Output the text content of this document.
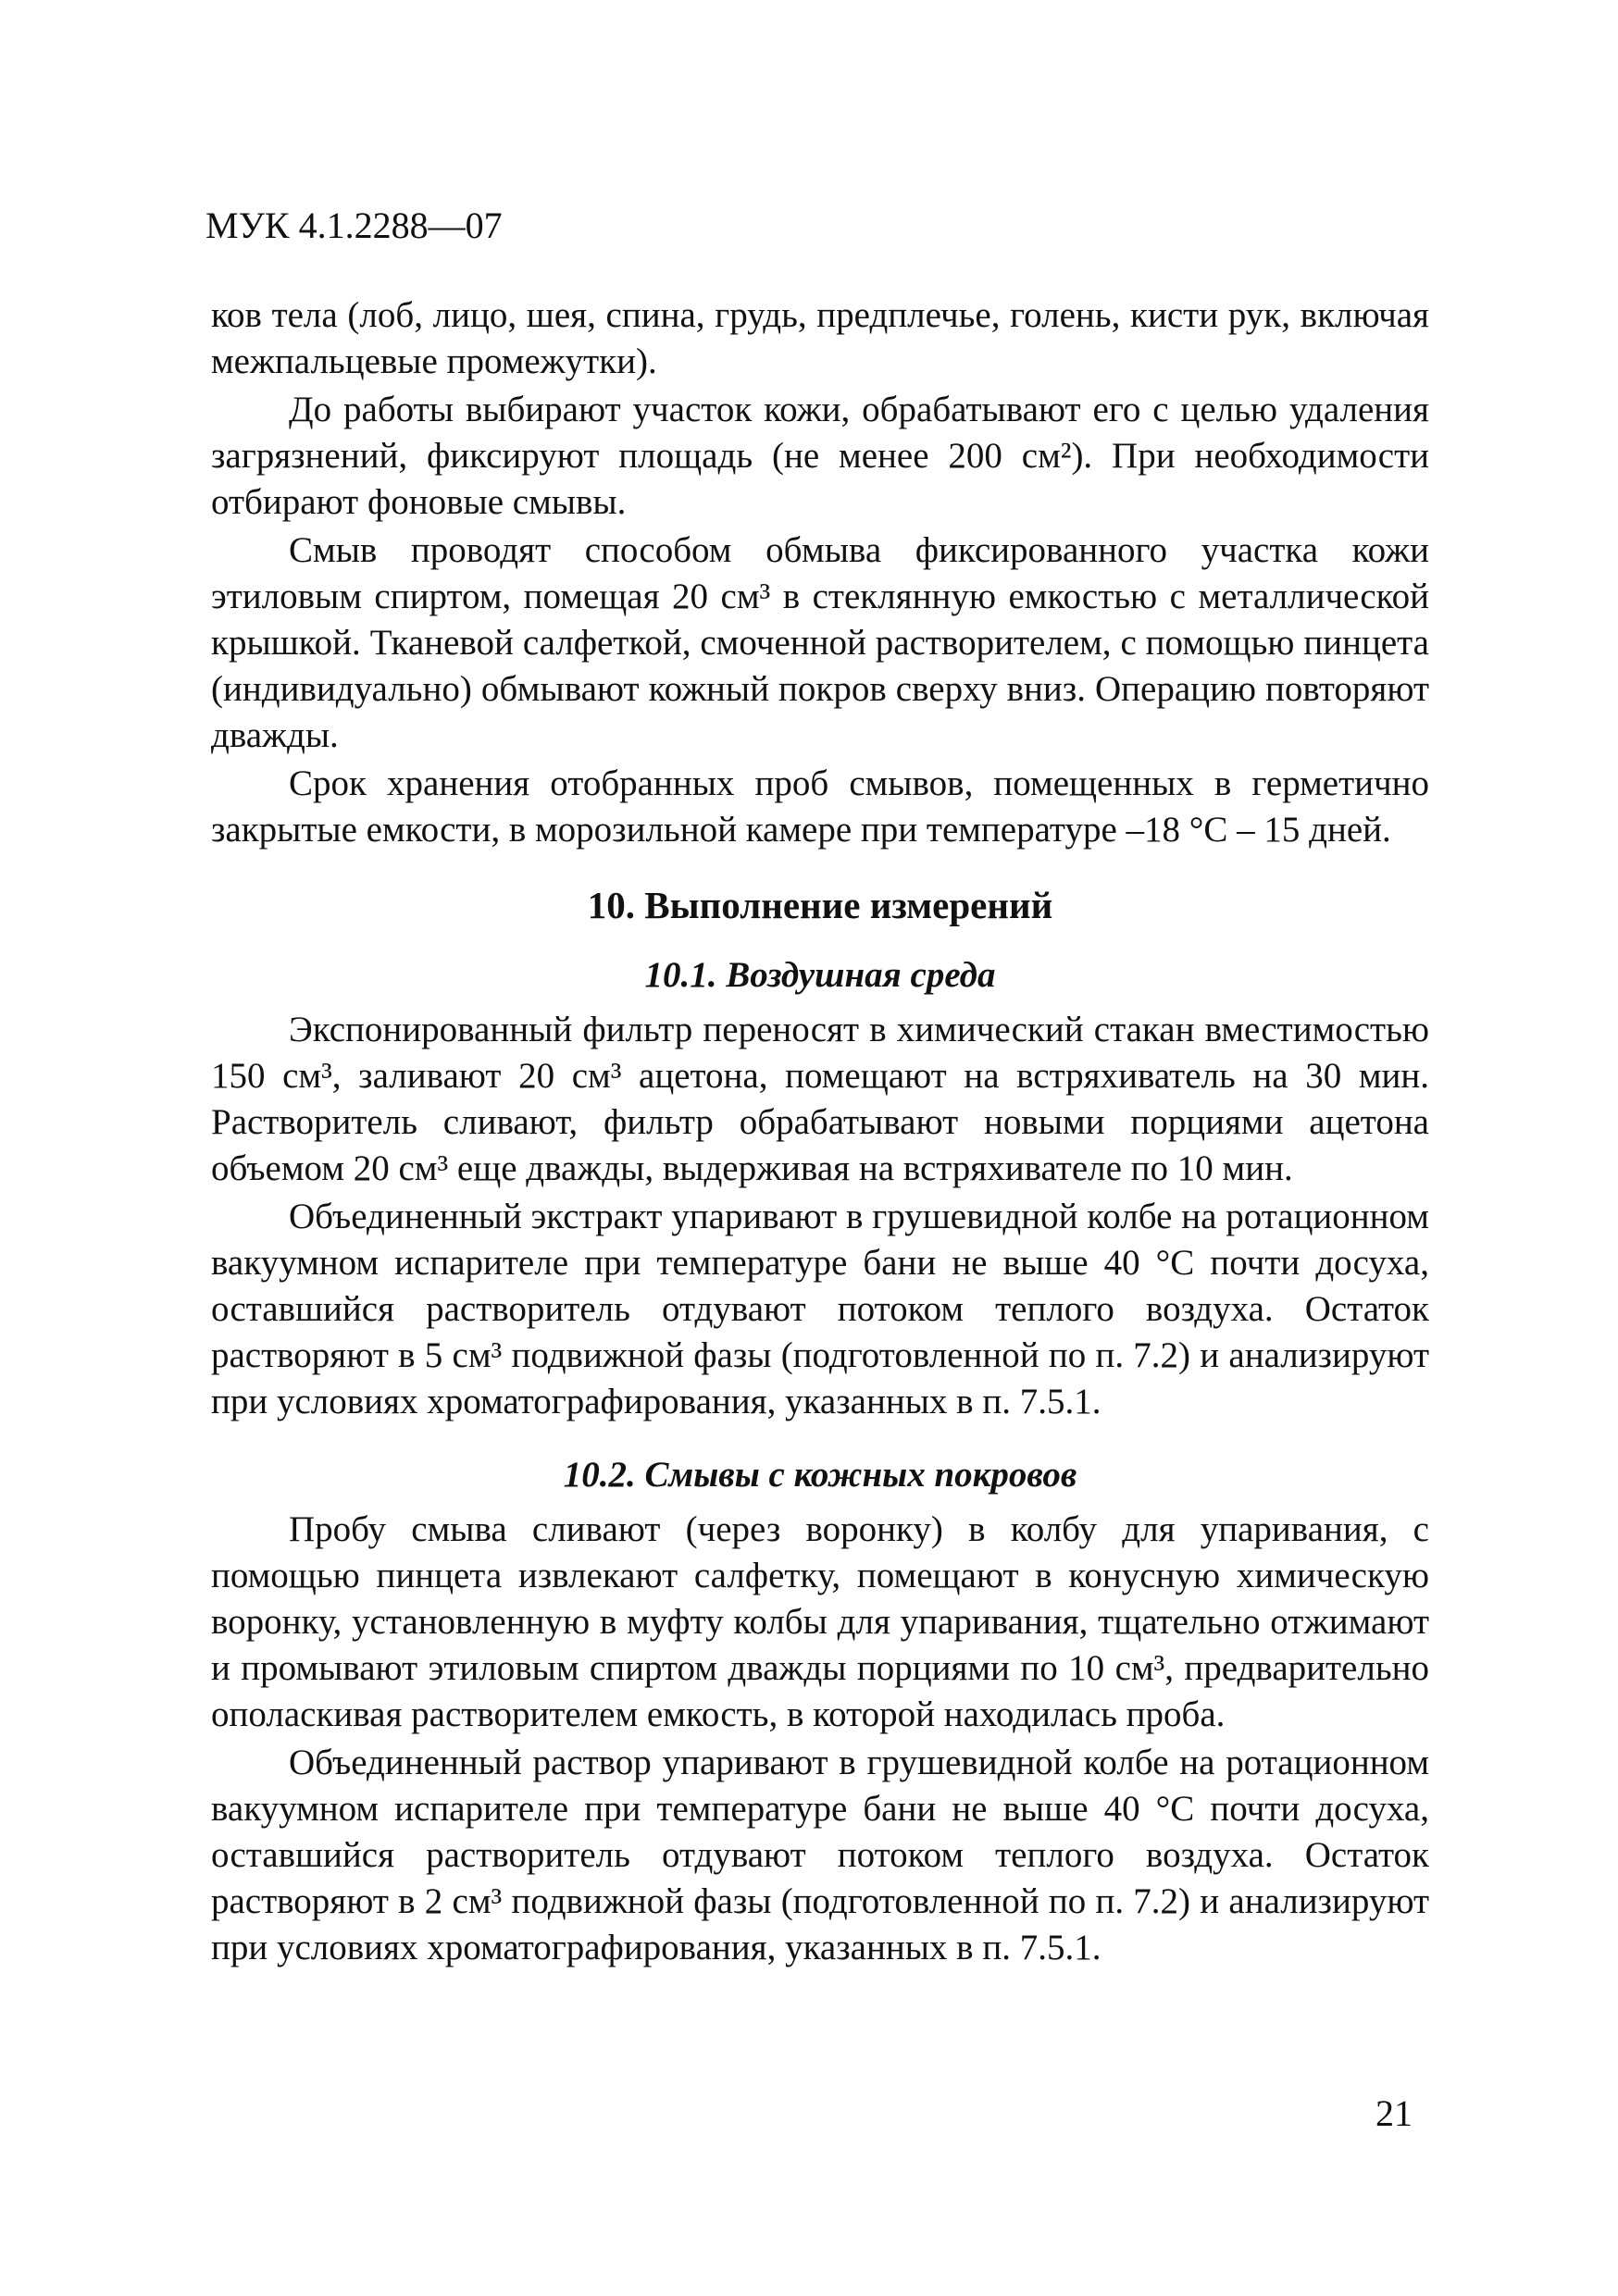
МУК 4.1.2288—07

ков тела (лоб, лицо, шея, спина, грудь, предплечье, голень, кисти рук, включая межпальцевые промежутки).

До работы выбирают участок кожи, обрабатывают его с целью удаления загрязнений, фиксируют площадь (не менее 200 см²). При необходимости отбирают фоновые смывы.

Смыв проводят способом обмыва фиксированного участка кожи этиловым спиртом, помещая 20 см³ в стеклянную емкостью с металлической крышкой. Тканевой салфеткой, смоченной растворителем, с помощью пинцета (индивидуально) обмывают кожный покров сверху вниз. Операцию повторяют дважды.

Срок хранения отобранных проб смывов, помещенных в герметично закрытые емкости, в морозильной камере при температуре –18 °С – 15 дней.

10. Выполнение измерений
10.1. Воздушная среда

Экспонированный фильтр переносят в химический стакан вместимостью 150 см³, заливают 20 см³ ацетона, помещают на встряхиватель на 30 мин. Растворитель сливают, фильтр обрабатывают новыми порциями ацетона объемом 20 см³ еще дважды, выдерживая на встряхивателе по 10 мин.

Объединенный экстракт упаривают в грушевидной колбе на ротационном вакуумном испарителе при температуре бани не выше 40 °С почти досуха, оставшийся растворитель отдувают потоком теплого воздуха. Остаток растворяют в 5 см³ подвижной фазы (подготовленной по п. 7.2) и анализируют при условиях хроматографирования, указанных в п. 7.5.1.

10.2. Смывы с кожных покровов

Пробу смыва сливают (через воронку) в колбу для упаривания, с помощью пинцета извлекают салфетку, помещают в конусную химическую воронку, установленную в муфту колбы для упаривания, тщательно отжимают и промывают этиловым спиртом дважды порциями по 10 см³, предварительно ополаскивая растворителем емкость, в которой находилась проба.

Объединенный раствор упаривают в грушевидной колбе на ротационном вакуумном испарителе при температуре бани не выше 40 °С почти досуха, оставшийся растворитель отдувают потоком теплого воздуха. Остаток растворяют в 2 см³ подвижной фазы (подготовленной по п. 7.2) и анализируют при условиях хроматографирования, указанных в п. 7.5.1.

21
